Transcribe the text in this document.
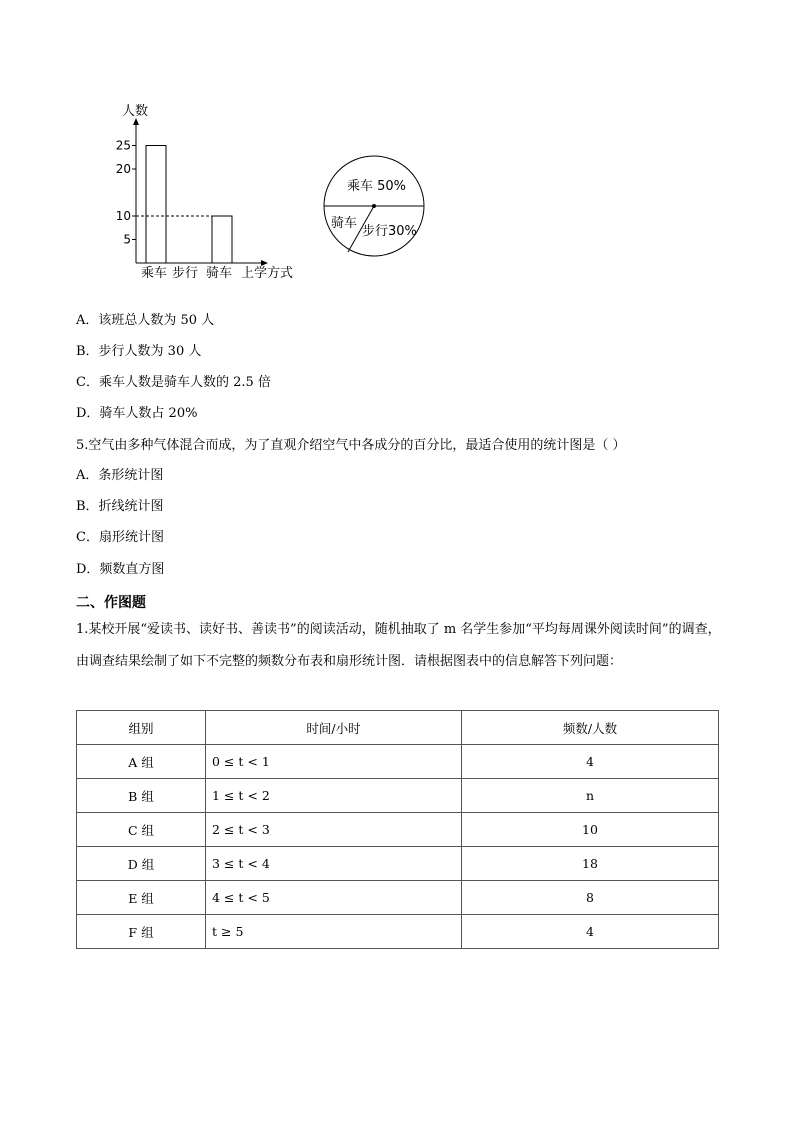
人数
上学方式
5
10
20
25
乘车 步行 骑车
乘车 50%
骑车
步行30%
A．该班总人数为 50 人
B．步行人数为 30 人
C．乘车人数是骑车人数的 2.5 倍
D．骑车人数占 20%
5.空气由多种气体混合而成，为了直观介绍空气中各成分的百分比，最适合使用的统计图是（ ）
A．条形统计图
B．折线统计图
C．扇形统计图
D．频数直方图
二、作图题
1.某校开展“爱读书、读好书、善读书”的阅读活动，随机抽取了 m 名学生参加“平均每周课外阅读时间”的调查，由调查结果绘制了如下不完整的频数分布表和扇形统计图．请根据图表中的信息解答下列问题：
组别	时间/小时	频数/人数
A 组	0 ≤ t < 1	4
B 组	1 ≤ t < 2	n
C 组	2 ≤ t < 3	10
D 组	3 ≤ t < 4	18
E 组	4 ≤ t < 5	8
F 组	t ≥ 5	4
